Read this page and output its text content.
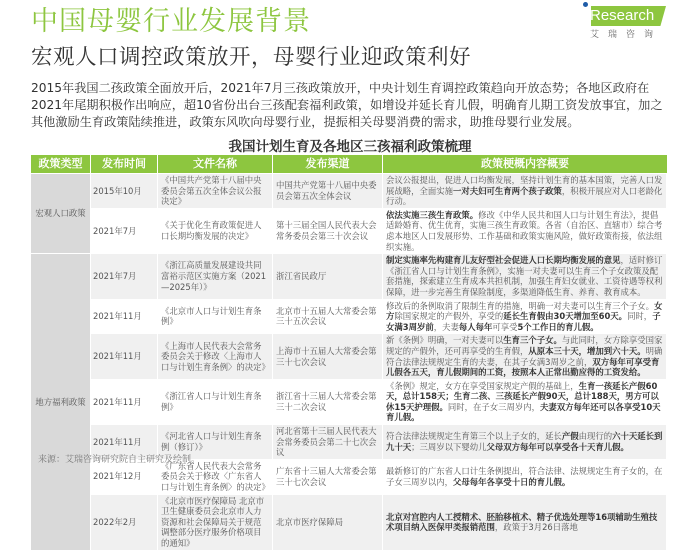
中国母婴行业发展背景
宏观人口调控政策放开，母婴行业迎政策利好
Research
艾瑞咨询
2015年我国二孩政策全面放开后，2021年7月三孩政策放开，中央计划生育调控政策趋向开放态势；各地区政府在2021年尾期积极作出响应，超10省份出台三孩配套福利政策，如增设并延长育儿假，明确育儿期工资发放事宜，加之其他激励生育政策陆续推进，政策东风吹向母婴行业，提振相关母婴消费的需求，助推母婴行业发展。
我国计划生育及各地区三孩福利政策梳理
政策类型	发布时间	文件名称	发布渠道	政策梗概内容概要
宏观人口政策	2015年10月	《中国共产党第十八届中央委员会第五次全体会议公报决定》	中国共产党第十八届中央委员会第五次全体会议	会议公报提出，促进人口均衡发展，坚持计划生育的基本国策，完善人口发展战略，全面实施一对夫妇可生育两个孩子政策，积极开展应对人口老龄化行动。
	2021年7月	《关于优化生育政策促进人口长期均衡发展的决定》	第十三届全国人民代表大会常务委员会第三十次会议	依法实施三孩生育政策。修改《中华人民共和国人口与计划生育法》，提倡适龄婚育、优生优育，实施三孩生育政策。各省（自治区、直辖市）综合考虑本地区人口发展形势、工作基础和政策实施风险，做好政策衔接，依法组织实施。
地方福利政策	2021年7月	《浙江高质量发展建设共同富裕示范区实施方案（2021—2025年）》	浙江省民政厅	制定实施率先构建育儿友好型社会促进人口长期均衡发展的意见，适时修订《浙江省人口与计划生育条例》，实施一对夫妻可以生育三个子女政策及配套措施，探索建立生育成本共担机制，加强生育妇女就业、工资待遇等权利保障，进一步完善生育保险制度，多渠道降低生育、养育、教育成本。
	2021年11月	《北京市人口与计划生育条例》	北京市十五届人大常委会第三十五次会议	修改后的条例取消了限制生育的措施，明确一对夫妻可以生育三个子女。女方除国家规定的产假外，享受的延长生育假由30天增加至60天。同时，子女满3周岁前，夫妻每人每年可享受5个工作日的育儿假。
	2021年11月	《上海市人民代表大会常务委员会关于修改〈上海市人口与计划生育条例〉的决定》	上海市十五届人大常委会第三十七次会议	新《条例》明确，一对夫妻可以生育三个子女。与此同时，女方除享受国家规定的产假外，还可再享受的生育假，从原本三十天，增加到六十天。明确符合法律法规规定生育的夫妻，在其子女满3周岁之前，双方每年可享受育儿假各五天，育儿假期间的工资，按照本人正常出勤应得的工资发给。
	2021年11月	《浙江省人口与计划生育条例》	浙江省十三届人大常委会第三十二次会议	《条例》规定，女方在享受国家规定产假的基础上，生育一孩延长产假60天，总计158天；生育二孩、三孩延长产假90天，总计188天，男方可以休15天护理假。同时，在子女三周岁内，夫妻双方每年还可以各享受10天育儿假。
	2021年11月	《河北省人口与计划生育条例（修订）》	河北省第十三届人民代表大会常务委员会第二十七次会议	符合法律法规规定生育第三个以上子女的，延长产假由现行的六十天延长到九十天；三周岁以下婴幼儿父母双方每年可以享受各十天育儿假。
	2021年12月	《广东省人民代表大会常务委员会关于修改〈广东省人口与计划生育条例〉的决定》	广东省十三届人大常委会第三十七次会议	最新修订的广东省人口计生条例提出，符合法律、法规规定生育子女的，在子女三周岁以内，父母每年各享受十日的育儿假。
	2022年2月	《北京市医疗保障局 北京市卫生健康委员会北京市人力资源和社会保障局关于规范调整部分医疗服务价格项目的通知》	北京市医疗保障局	北京对宫腔内人工授精术、胚胎移植术、精子优选处理等16项辅助生殖技术项目纳入医保甲类报销范围，政策于3月26日落地
来源：艾瑞咨询研究院自主研究及绘制。
